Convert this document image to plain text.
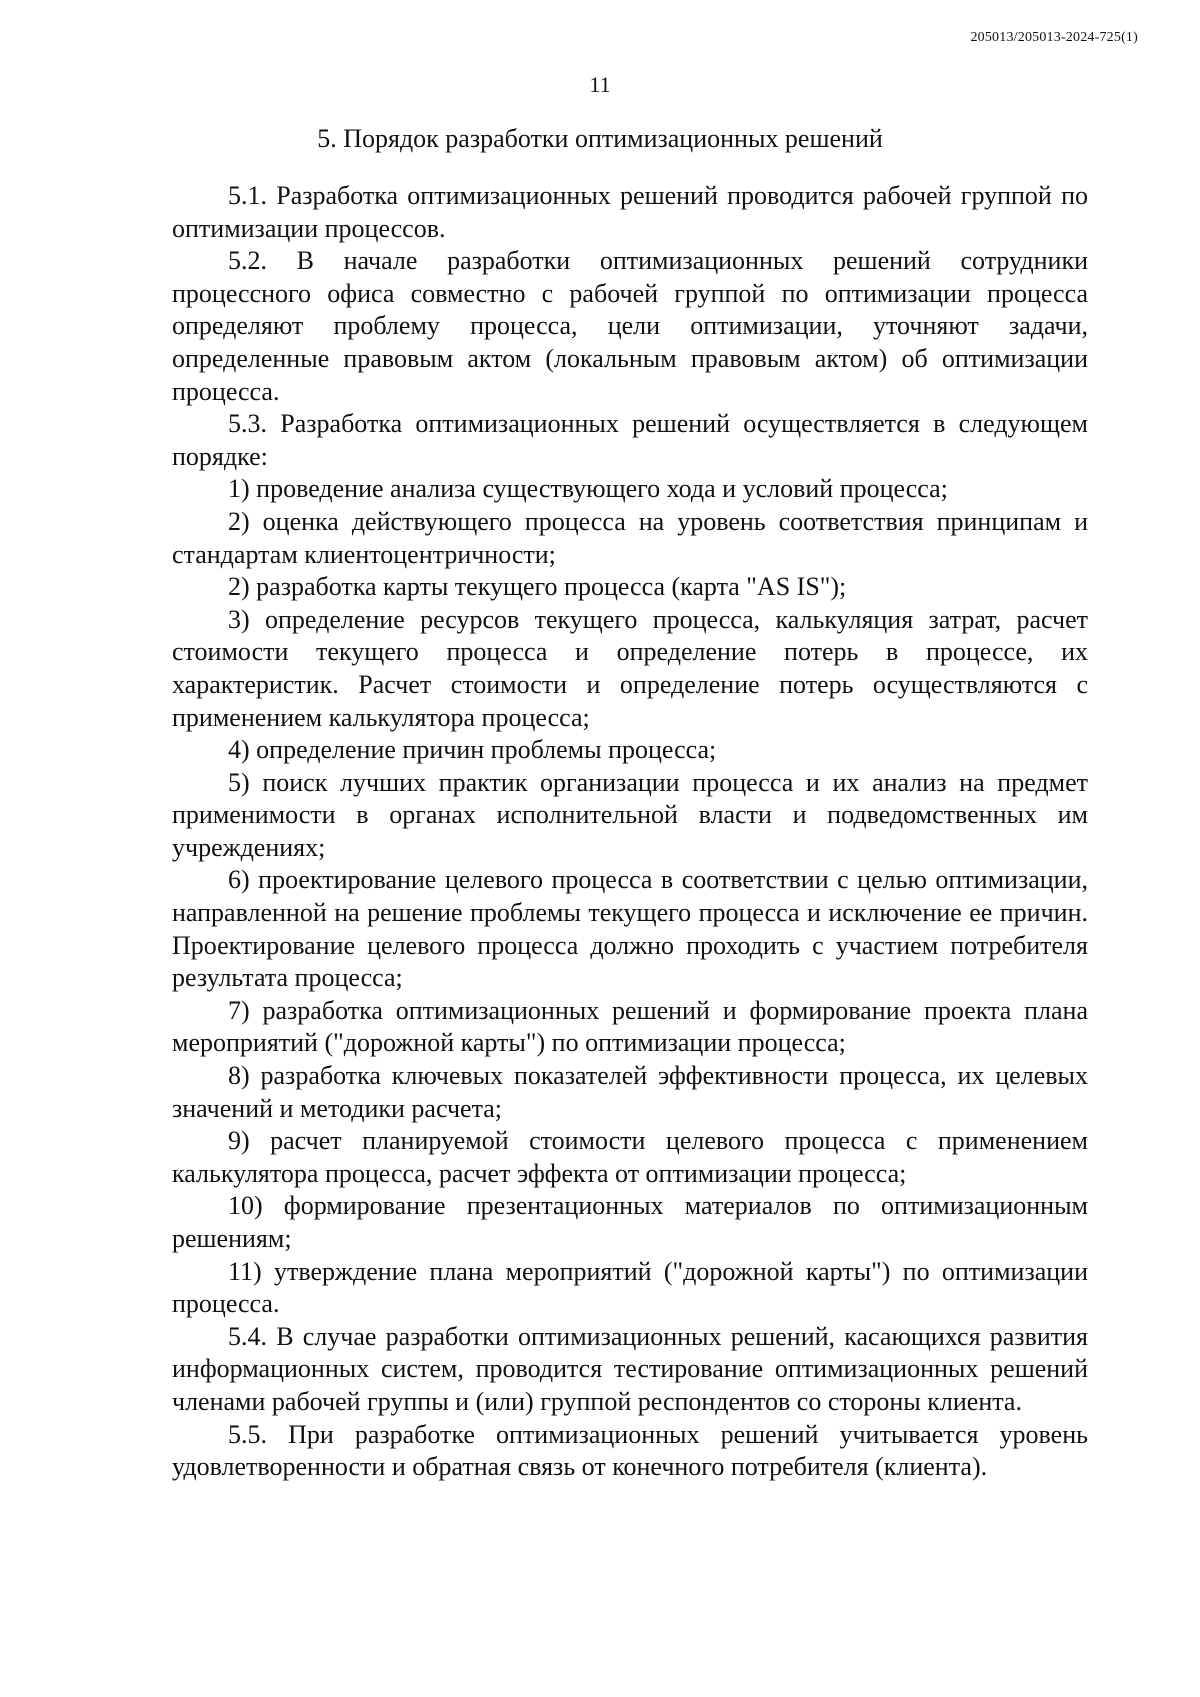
205013/205013-2024-725(1)
11
5. Порядок разработки оптимизационных решений

5.1. Разработка оптимизационных решений проводится рабочей группой по оптимизации процессов.

5.2. В начале разработки оптимизационных решений сотрудники процессного офиса совместно с рабочей группой по оптимизации процесса определяют проблему процесса, цели оптимизации, уточняют задачи, определенные правовым актом (локальным правовым актом) об оптимизации процесса.

5.3. Разработка оптимизационных решений осуществляется в следующем порядке:

1) проведение анализа существующего хода и условий процесса;

2) оценка действующего процесса на уровень соответствия принципам и стандартам клиентоцентричности;

2) разработка карты текущего процесса (карта "AS IS");

3) определение ресурсов текущего процесса, калькуляция затрат, расчет стоимости текущего процесса и определение потерь в процессе, их характеристик. Расчет стоимости и определение потерь осуществляются с применением калькулятора процесса;

4) определение причин проблемы процесса;

5) поиск лучших практик организации процесса и их анализ на предмет применимости в органах исполнительной власти и подведомственных им учреждениях;

6) проектирование целевого процесса в соответствии с целью оптимизации, направленной на решение проблемы текущего процесса и исключение ее причин. Проектирование целевого процесса должно проходить с участием потребителя результата процесса;

7) разработка оптимизационных решений и формирование проекта плана мероприятий ("дорожной карты") по оптимизации процесса;

8) разработка ключевых показателей эффективности процесса, их целевых значений и методики расчета;

9) расчет планируемой стоимости целевого процесса с применением калькулятора процесса, расчет эффекта от оптимизации процесса;

10) формирование презентационных материалов по оптимизационным решениям;

11) утверждение плана мероприятий ("дорожной карты") по оптимизации процесса.

5.4. В случае разработки оптимизационных решений, касающихся развития информационных систем, проводится тестирование оптимизационных решений членами рабочей группы и (или) группой респондентов со стороны клиента.

5.5. При разработке оптимизационных решений учитывается уровень удовлетворенности и обратная связь от конечного потребителя (клиента).
